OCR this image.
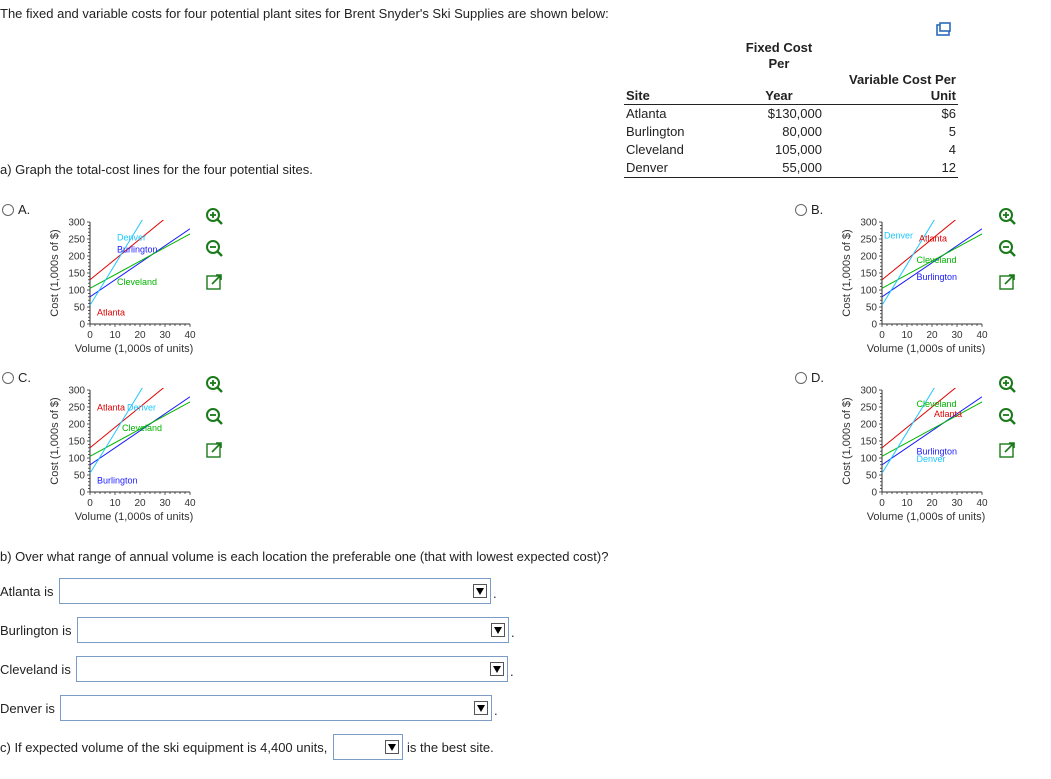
The fixed and variable costs for four potential plant sites for Brent Snyder's Ski Supplies are shown below:
	Fixed Cost Per	
Site	Year	Variable Cost Per Unit
Atlanta	$130,000	$6
Burlington	80,000	5
Cleveland	105,000	4
Denver	55,000	12
a) Graph the total-cost lines for the four potential sites.
A.	B.
C.	D.
300
250
200
150
100
50
0
0 10 20 30 40
Cost (1,000s of $)
Volume (1,000s of units)
Denver
Burlington
Cleveland
Atlanta
300
250
200
150
100
50
0
0 10 20 30 40
Cost (1,000s of $)
Volume (1,000s of units)
Denver Atlanta
Cleveland
Burlington
300
250
200
150
100
50
0
0 10 20 30 40
Cost (1,000s of $)
Volume (1,000s of units)
Atlanta Denver
Cleveland
Burlington
300
250
200
150
100
50
0
0 10 20 30 40
Cost (1,000s of $)
Volume (1,000s of units)
Cleveland
Atlanta
Burlington
Denver
b) Over what range of annual volume is each location the preferable one (that with lowest expected cost)?
Atlanta is	.
Burlington is	.
Cleveland is	.
Denver is	.
c) If expected volume of the ski equipment is 4,400 units,	is the best site.
